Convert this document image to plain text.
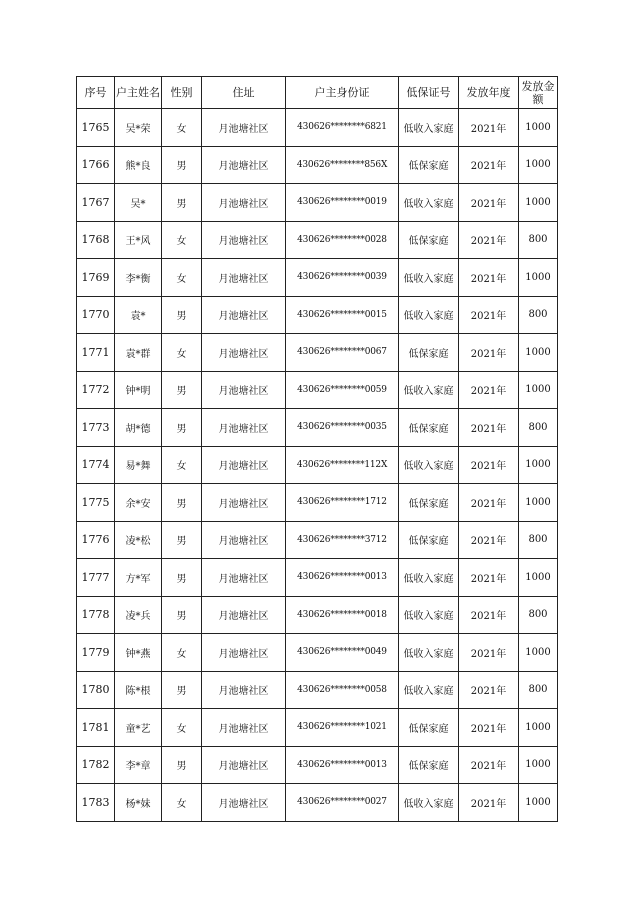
序号	户主姓名	性别	住址	户主身份证	低保证号	发放年度	发放金额
1765	吴*荣	女	月池塘社区	430626********6821	低收入家庭	2021年	1000
1766	熊*良	男	月池塘社区	430626********856X	低保家庭	2021年	1000
1767	吴*	男	月池塘社区	430626********0019	低收入家庭	2021年	1000
1768	王*风	女	月池塘社区	430626********0028	低保家庭	2021年	800
1769	李*衡	女	月池塘社区	430626********0039	低收入家庭	2021年	1000
1770	袁*	男	月池塘社区	430626********0015	低收入家庭	2021年	800
1771	袁*群	女	月池塘社区	430626********0067	低保家庭	2021年	1000
1772	钟*明	男	月池塘社区	430626********0059	低收入家庭	2021年	1000
1773	胡*德	男	月池塘社区	430626********0035	低保家庭	2021年	800
1774	易*舞	女	月池塘社区	430626********112X	低收入家庭	2021年	1000
1775	余*安	男	月池塘社区	430626********1712	低保家庭	2021年	1000
1776	凌*松	男	月池塘社区	430626********3712	低保家庭	2021年	800
1777	方*军	男	月池塘社区	430626********0013	低收入家庭	2021年	1000
1778	凌*兵	男	月池塘社区	430626********0018	低收入家庭	2021年	800
1779	钟*燕	女	月池塘社区	430626********0049	低收入家庭	2021年	1000
1780	陈*根	男	月池塘社区	430626********0058	低收入家庭	2021年	800
1781	童*艺	女	月池塘社区	430626********1021	低保家庭	2021年	1000
1782	李*章	男	月池塘社区	430626********0013	低保家庭	2021年	1000
1783	杨*妹	女	月池塘社区	430626********0027	低收入家庭	2021年	1000
